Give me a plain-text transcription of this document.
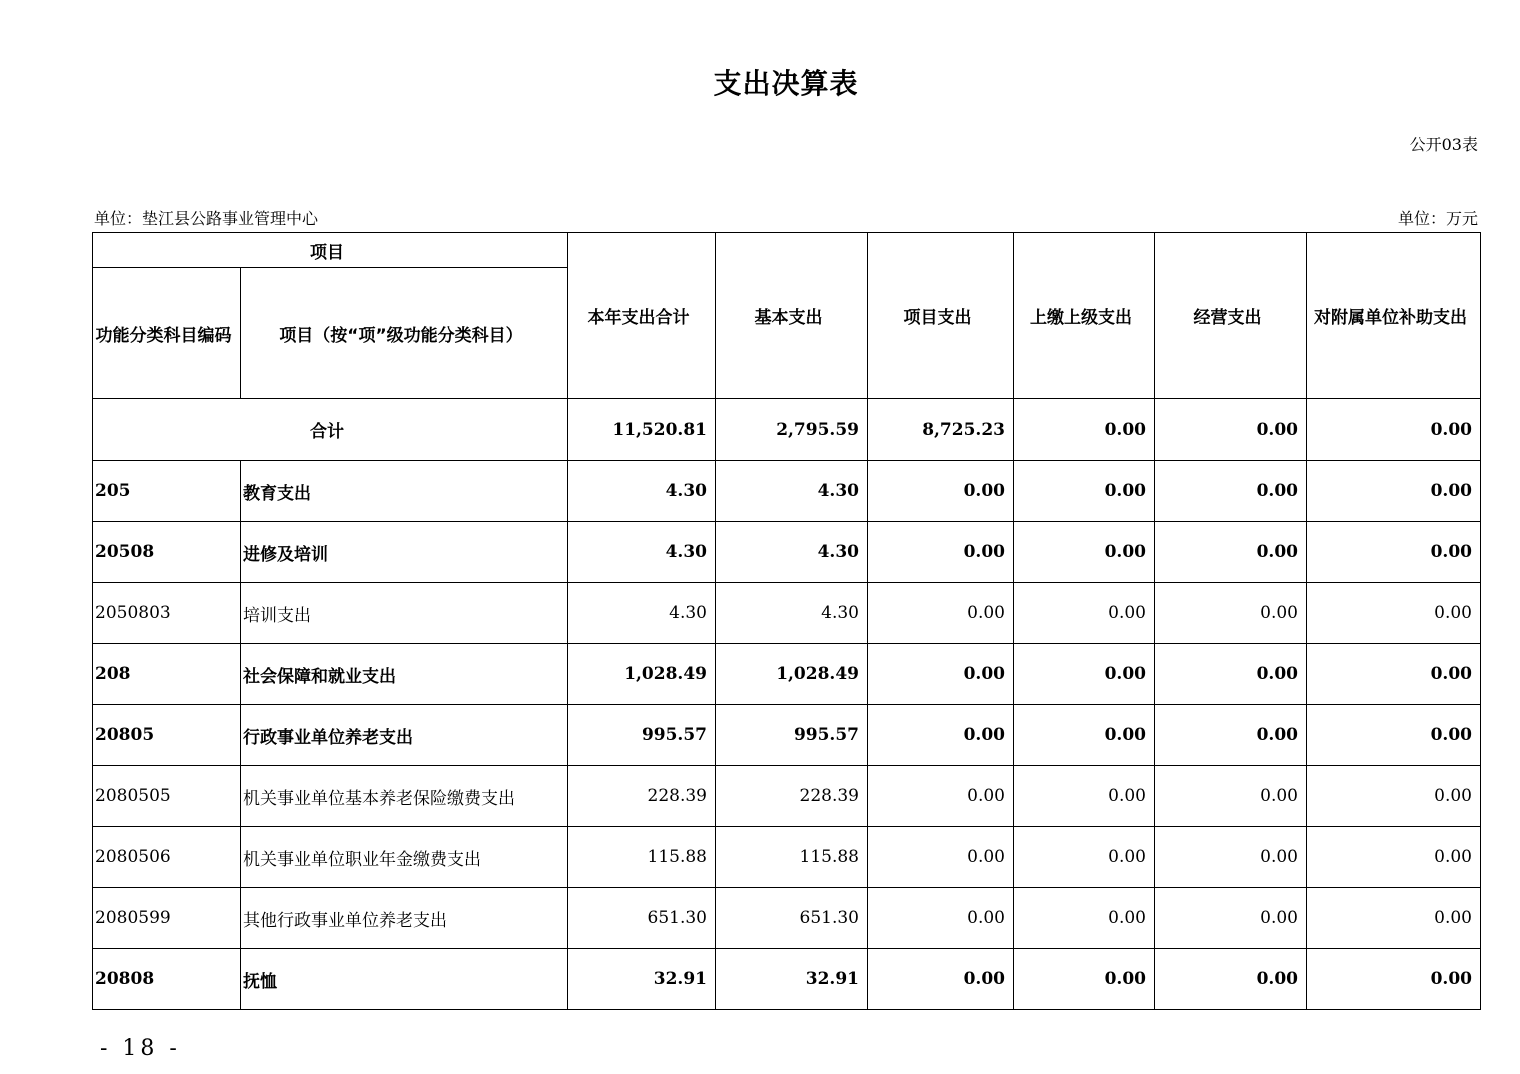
支出决算表
公开03表
单位：垫江县公路事业管理中心	单位：万元
项目		本年支出合计	基本支出	项目支出	上缴上级支出	经营支出	对附属单位补助支出
功能分类科目编码	项目（按“项”级功能分类科目）						
合计		11,520.81	2,795.59	8,725.23	0.00	0.00	0.00
205	教育支出	4.30	4.30	0.00	0.00	0.00	0.00
20508	进修及培训	4.30	4.30	0.00	0.00	0.00	0.00
2050803	培训支出	4.30	4.30	0.00	0.00	0.00	0.00
208	社会保障和就业支出	1,028.49	1,028.49	0.00	0.00	0.00	0.00
20805	行政事业单位养老支出	995.57	995.57	0.00	0.00	0.00	0.00
2080505	机关事业单位基本养老保险缴费支出	228.39	228.39	0.00	0.00	0.00	0.00
2080506	机关事业单位职业年金缴费支出	115.88	115.88	0.00	0.00	0.00	0.00
2080599	其他行政事业单位养老支出	651.30	651.30	0.00	0.00	0.00	0.00
20808	抚恤	32.91	32.91	0.00	0.00	0.00	0.00
- 18 -
